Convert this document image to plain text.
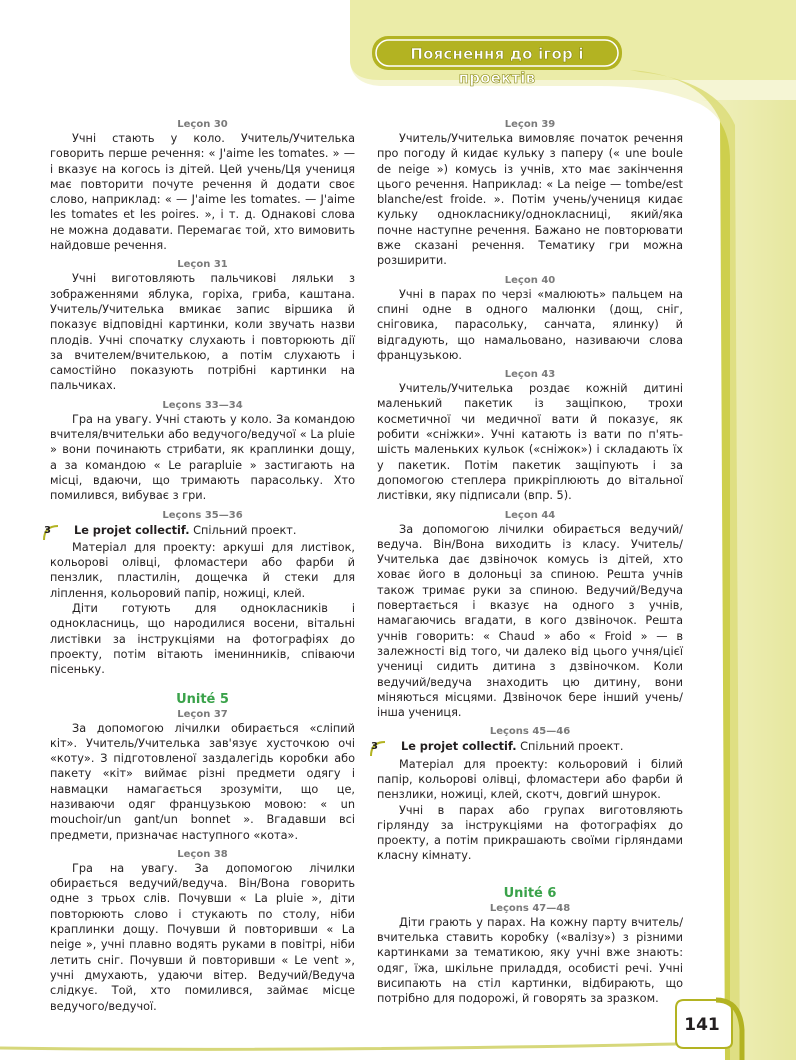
Пояснення до ігор і проектів
Leçon 30

Учні стають у коло. Учитель/Учителька говорить перше речення: « J'aime les tomates. » — і вказує на когось із дітей. Цей учень/Ця учениця має повторити почуте речення й додати своє слово, наприклад: « — J'aime les tomates. — J'aime les tomates et les poires. », і т. д. Однакові слова не можна додавати. Перемагає той, хто вимовить найдовше речення.

Leçon 31

Учні виготовляють пальчикові ляльки з зображеннями яблука, горіха, гриба, каштана. Учитель/Учителька вмикає запис віршика й показує відповідні картинки, коли звучать назви плодів. Учні спочатку слухають і повторюють дії за вчителем/вчителькою, а потім слухають і самостійно показують потрібні картинки на пальчиках.

Leçons 33—34

Гра на увагу. Учні стають у коло. За командою вчителя/вчительки або ведучого/ведучої « La pluie » вони починають стрибати, як краплинки дощу, а за командою « Le parapluie » застигають на місці, вдаючи, що тримають парасольку. Хто помилився, вибуває з гри.

Leçons 35—36
3 Le projet collectif. Спільний проект.

Матеріал для проекту: аркуші для листівок, кольорові олівці, фломастери або фарби й пензлик, пластилін, дощечка й стеки для ліплення, кольоровий папір, ножиці, клей.

Діти готують для однокласників і однокласниць, що народилися восени, вітальні листівки за інструкціями на фотографіях до проекту, потім вітають іменинників, співаючи пісеньку.

Unité 5
Leçon 37

За допомогою лічилки обирається «сліпий кіт». Учитель/Учителька зав'язує хусточкою очі «коту». З підготовленої заздалегідь коробки або пакету «кіт» виймає різні предмети одягу і навмацки намагається зрозуміти, що це, називаючи одяг французькою мовою: « un mouchoir/un gant/un bonnet ». Вгадавши всі предмети, призначає наступного «кота».

Leçon 38

Гра на увагу. За допомогою лічилки обирається ведучий/ведуча. Він/Вона говорить одне з трьох слів. Почувши « La pluie », діти повторюють слово і стукають по столу, ніби краплинки дощу. Почувши й повторивши « La neige », учні плавно водять руками в повітрі, ніби летить сніг. Почувши й повторивши « Le vent », учні дмухають, удаючи вітер. Ведучий/Ведуча слідкує. Той, хто помилився, займає місце ведучого/ведучої.

Leçon 39

Учитель/Учителька вимовляє початок речення про погоду й кидає кульку з паперу (« une boule de neige ») комусь із учнів, хто має закінчення цього речення. Наприклад: « La neige — tombe/est blanche/est froide. ». Потім учень/учениця кидає кульку однокласнику/однокласниці, який/яка почне наступне речення. Бажано не повторювати вже сказані речення. Тематику гри можна розширити.

Leçon 40

Учні в парах по черзі «малюють» пальцем на спині одне в одного малюнки (дощ, сніг, сніговика, парасольку, санчата, ялинку) й відгадують, що намальовано, називаючи слова французькою.

Leçon 43

Учитель/Учителька роздає кожній дитині маленький пакетик із защіпкою, трохи косметичної чи медичної вати й показує, як робити «сніжки». Учні катають із вати по п'ять-шість маленьких кульок («сніжок») і складають їх у пакетик. Потім пакетик защіпують і за допомогою степлера прикріплюють до вітальної листівки, яку підписали (впр. 5).

Leçon 44

За допомогою лічилки обирається ведучий/ведуча. Він/Вона виходить із класу. Учитель/Учителька дає дзвіночок комусь із дітей, хто ховає його в долоньці за спиною. Решта учнів також тримає руки за спиною. Ведучий/Ведуча повертається і вказує на одного з учнів, намагаючись вгадати, в кого дзвіночок. Решта учнів говорить: « Chaud » або « Froid » — в залежності від того, чи далеко від цього учня/цієї учениці сидить дитина з дзвіночком. Коли ведучий/ведуча знаходить цю дитину, вони міняються місцями. Дзвіночок бере інший учень/інша учениця.

Leçons 45—46
3 Le projet collectif. Спільний проект.

Матеріал для проекту: кольоровий і білий папір, кольорові олівці, фломастери або фарби й пензлики, ножиці, клей, скотч, довгий шнурок.

Учні в парах або групах виготовляють гірлянду за інструкціями на фотографіях до проекту, а потім прикрашають своїми гірляндами класну кімнату.

Unité 6
Leçons 47—48

Діти грають у парах. На кожну парту вчитель/вчителька ставить коробку («валізу») з різними картинками за тематикою, яку учні вже знають: одяг, їжа, шкільне приладдя, особисті речі. Учні висипають на стіл картинки, відбирають, що потрібно для подорожі, й говорять за зразком.

141
